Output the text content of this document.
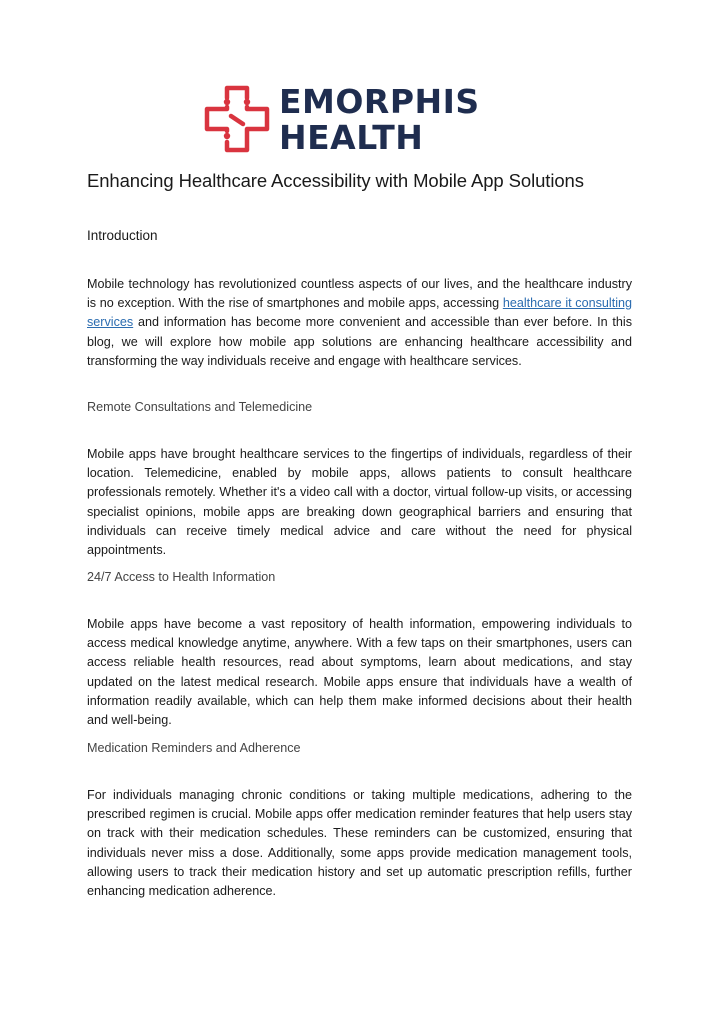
EMORPHIS
HEALTH
Enhancing Healthcare Accessibility with Mobile App Solutions
Introduction

Mobile technology has revolutionized countless aspects of our lives, and the healthcare industry is no exception. With the rise of smartphones and mobile apps, accessing healthcare it consulting services and information has become more convenient and accessible than ever before. In this blog, we will explore how mobile app solutions are enhancing healthcare accessibility and transforming the way individuals receive and engage with healthcare services.

Remote Consultations and Telemedicine

Mobile apps have brought healthcare services to the fingertips of individuals, regardless of their location. Telemedicine, enabled by mobile apps, allows patients to consult healthcare professionals remotely. Whether it's a video call with a doctor, virtual follow-up visits, or accessing specialist opinions, mobile apps are breaking down geographical barriers and ensuring that individuals can receive timely medical advice and care without the need for physical appointments.

24/7 Access to Health Information

Mobile apps have become a vast repository of health information, empowering individuals to access medical knowledge anytime, anywhere. With a few taps on their smartphones, users can access reliable health resources, read about symptoms, learn about medications, and stay updated on the latest medical research. Mobile apps ensure that individuals have a wealth of information readily available, which can help them make informed decisions about their health and well-being.

Medication Reminders and Adherence

For individuals managing chronic conditions or taking multiple medications, adhering to the prescribed regimen is crucial. Mobile apps offer medication reminder features that help users stay on track with their medication schedules. These reminders can be customized, ensuring that individuals never miss a dose. Additionally, some apps provide medication management tools, allowing users to track their medication history and set up automatic prescription refills, further enhancing medication adherence.
